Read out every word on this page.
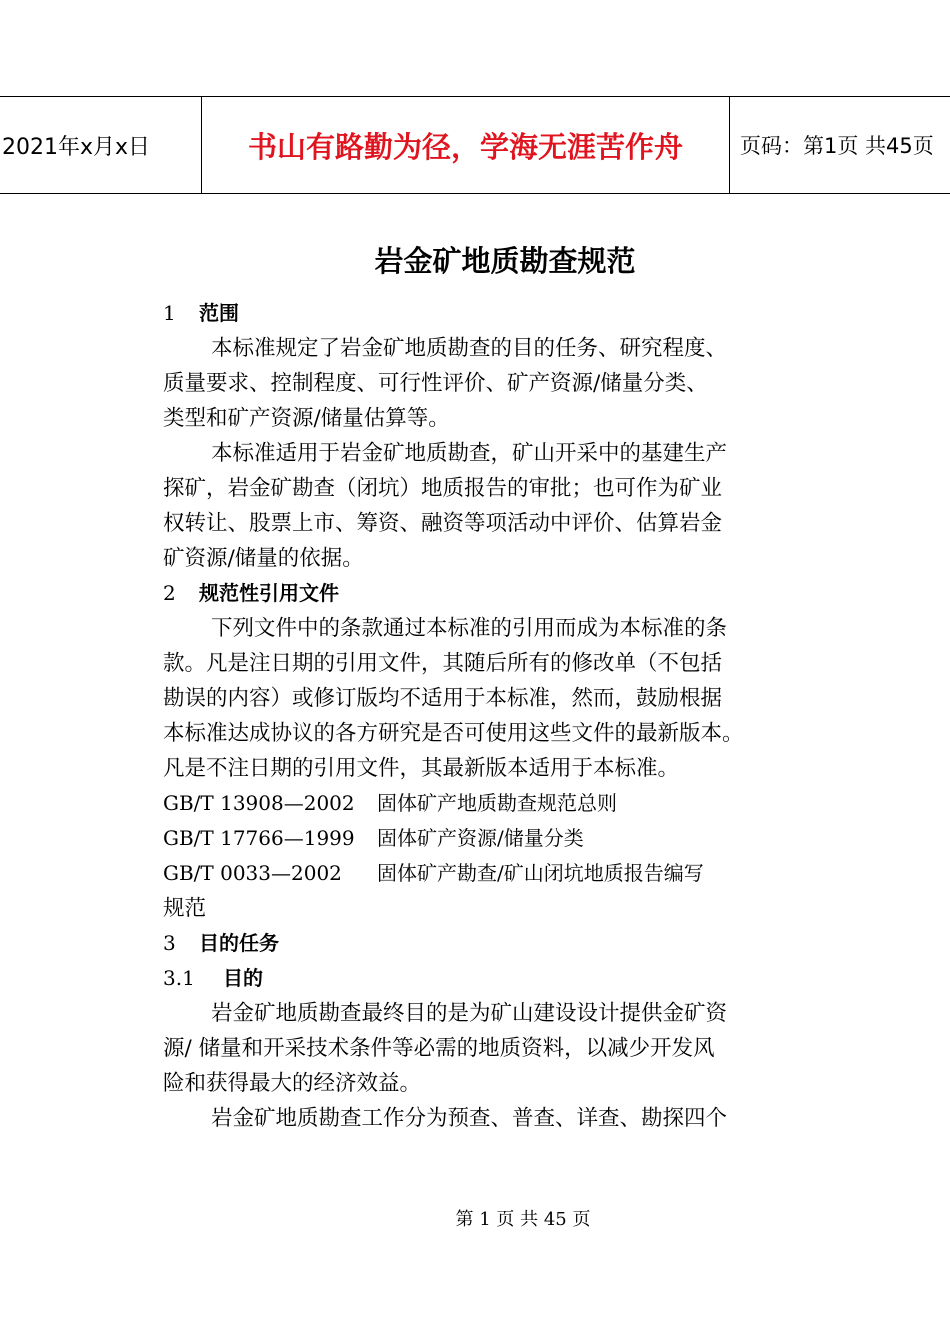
2021年x月x日	书山有路勤为径，学海无涯苦作舟	页码：第1页 共45页
岩金矿地质勘查规范
1 范围
本标准规定了岩金矿地质勘查的目的任务、研究程度、
质量要求、控制程度、可行性评价、矿产资源/储量分类、
类型和矿产资源/储量估算等。
本标准适用于岩金矿地质勘查，矿山开采中的基建生产
探矿，岩金矿勘查（闭坑）地质报告的审批；也可作为矿业
权转让、股票上市、筹资、融资等项活动中评价、估算岩金
矿资源/储量的依据。
2 规范性引用文件
下列文件中的条款通过本标准的引用而成为本标准的条
款。凡是注日期的引用文件，其随后所有的修改单（不包括
勘误的内容）或修订版均不适用于本标准，然而，鼓励根据
本标准达成协议的各方研究是否可使用这些文件的最新版本。
凡是不注日期的引用文件，其最新版本适用于本标准。
GB/T 13908—2002 固体矿产地质勘查规范总则
GB/T 17766—1999 固体矿产资源/储量分类
GB/T 0033—2002 固体矿产勘查/矿山闭坑地质报告编写
规范
3 目的任务
3.1 目的
岩金矿地质勘查最终目的是为矿山建设设计提供金矿资
源/ 储量和开采技术条件等必需的地质资料，以减少开发风
险和获得最大的经济效益。
岩金矿地质勘查工作分为预查、普查、详查、勘探四个
第 1 页 共 45 页
